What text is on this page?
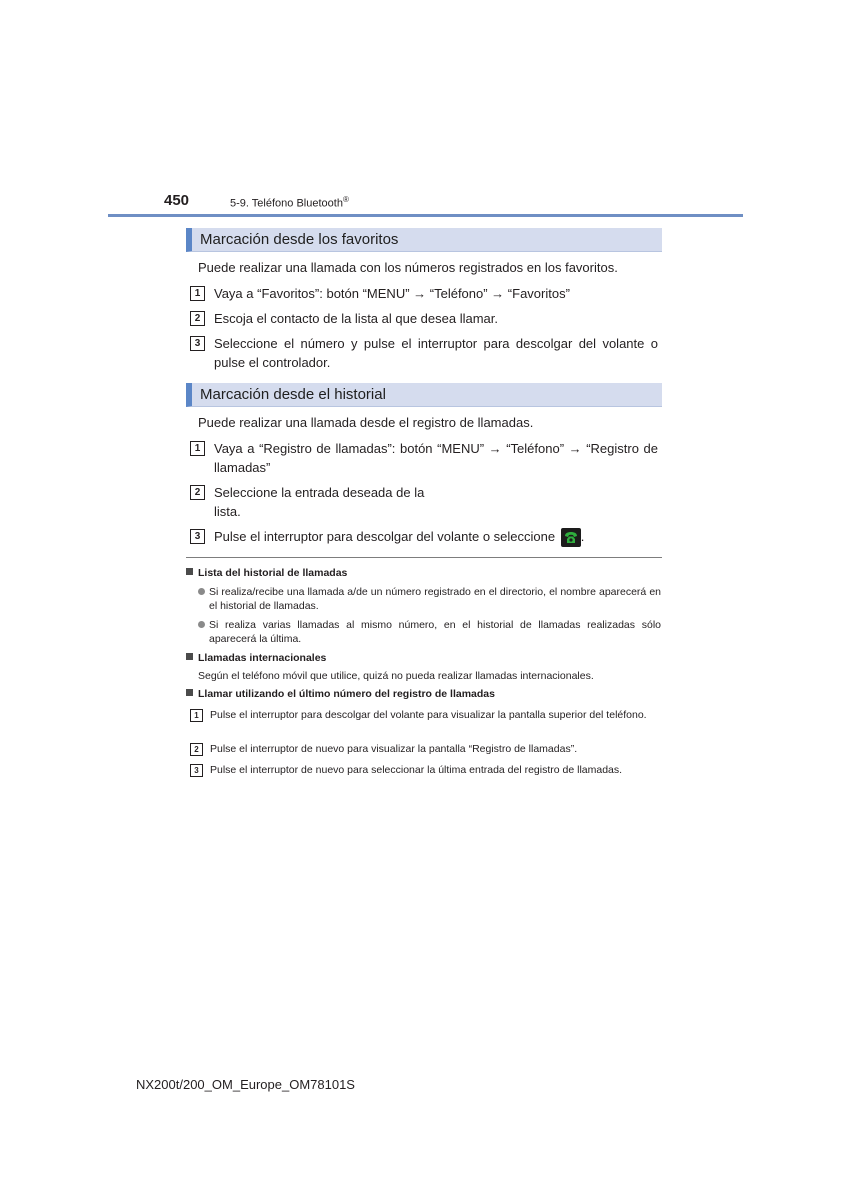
450	5-9. Teléfono Bluetooth®
Marcación desde los favoritos
Puede realizar una llamada con los números registrados en los favoritos.
1	Vaya a “Favoritos”: botón “MENU” → “Teléfono” → “Favoritos”
2	Escoja el contacto de la lista al que desea llamar.
3	Seleccione el número y pulse el interruptor para descolgar del volante o pulse el controlador.
Marcación desde el historial
Puede realizar una llamada desde el registro de llamadas.
1	Vaya a “Registro de llamadas”: botón “MENU” → “Teléfono” → “Registro de llamadas”
2	Seleccione la entrada deseada de la
lista.
3	Pulse el interruptor para descolgar del volante o seleccione .
Lista del historial de llamadas
Si realiza/recibe una llamada a/de un número registrado en el directorio, el nombre aparecerá en el historial de llamadas.
Si realiza varias llamadas al mismo número, en el historial de llamadas realizadas sólo aparecerá la última.
Llamadas internacionales
Según el teléfono móvil que utilice, quizá no pueda realizar llamadas internacionales.
Llamar utilizando el último número del registro de llamadas
1	Pulse el interruptor para descolgar del volante para visualizar la pantalla superior del teléfono.
2	Pulse el interruptor de nuevo para visualizar la pantalla “Registro de llamadas”.
3	Pulse el interruptor de nuevo para seleccionar la última entrada del registro de llamadas.
NX200t/200_OM_Europe_OM78101S
